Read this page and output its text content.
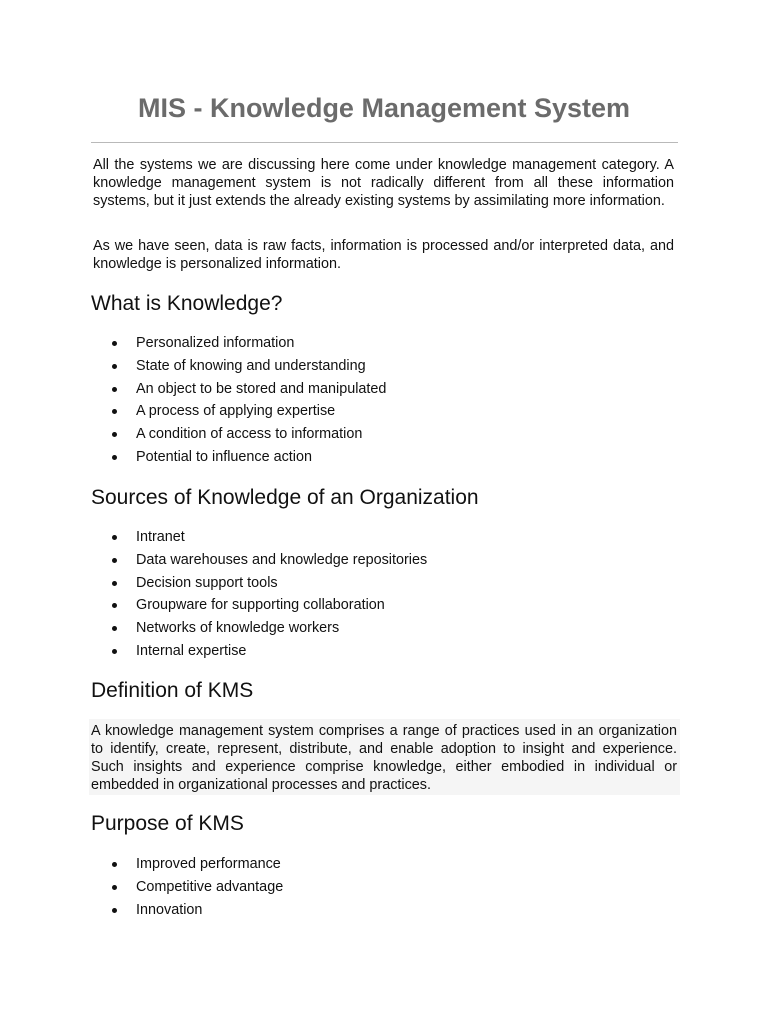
MIS - Knowledge Management System

All the systems we are discussing here come under knowledge management category. A knowledge management system is not radically different from all these information systems, but it just extends the already existing systems by assimilating more information.

As we have seen, data is raw facts, information is processed and/or interpreted data, and knowledge is personalized information.

What is Knowledge?
Personalized information
State of knowing and understanding
An object to be stored and manipulated
A process of applying expertise
A condition of access to information
Potential to influence action
Sources of Knowledge of an Organization
Intranet
Data warehouses and knowledge repositories
Decision support tools
Groupware for supporting collaboration
Networks of knowledge workers
Internal expertise
Definition of KMS

A knowledge management system comprises a range of practices used in an organization to identify, create, represent, distribute, and enable adoption to insight and experience. Such insights and experience comprise knowledge, either embodied in individual or embedded in organizational processes and practices.

Purpose of KMS
Improved performance
Competitive advantage
Innovation
